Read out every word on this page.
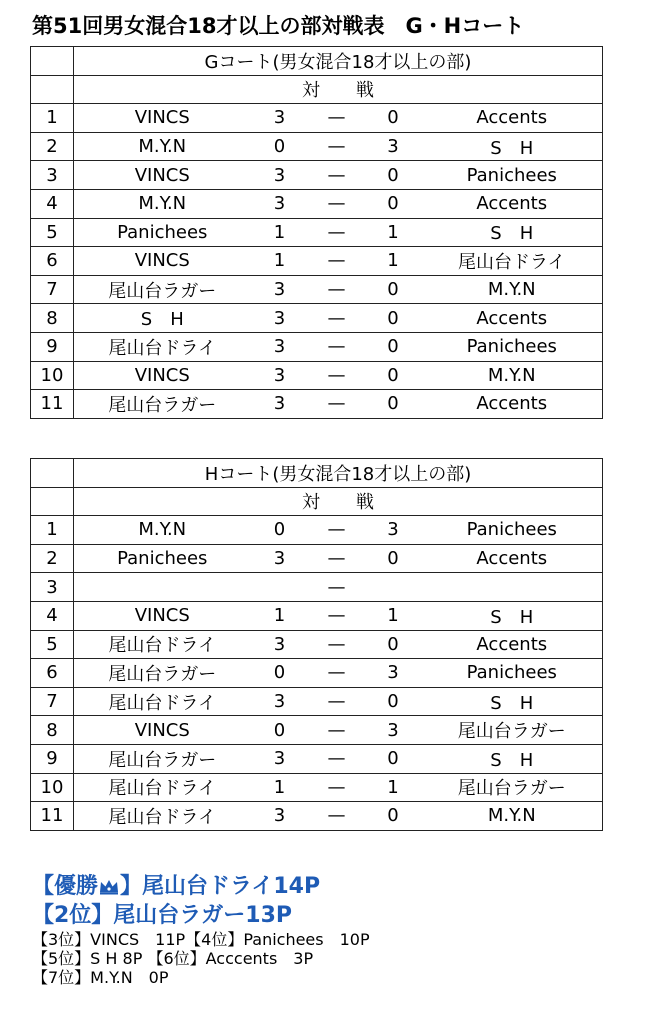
第51回男女混合18才以上の部対戦表　G・Hコート
	Gコート(男女混合18才以上の部)				
	対　　戦				
1	VINCS	3	—	0	Accents
2	M.Y.N	0	—	3	S　H
3	VINCS	3	—	0	Panichees
4	M.Y.N	3	—	0	Accents
5	Panichees	1	—	1	S　H
6	VINCS	1	—	1	尾山台ドライ
7	尾山台ラガー	3	—	0	M.Y.N
8	S　H	3	—	0	Accents
9	尾山台ドライ	3	—	0	Panichees
10	VINCS	3	—	0	M.Y.N
11	尾山台ラガー	3	—	0	Accents
	Hコート(男女混合18才以上の部)				
	対　　戦				
1	M.Y.N	0	—	3	Panichees
2	Panichees	3	—	0	Accents
3			—		
4	VINCS	1	—	1	S　H
5	尾山台ドライ	3	—	0	Accents
6	尾山台ラガー	0	—	3	Panichees
7	尾山台ドライ	3	—	0	S　H
8	VINCS	0	—	3	尾山台ラガー
9	尾山台ラガー	3	—	0	S　H
10	尾山台ドライ	1	—	1	尾山台ラガー
11	尾山台ドライ	3	—	0	M.Y.N
【優勝 】尾山台ドライ14P
【2位】尾山台ラガー13P
【3位】VINCS　11P【4位】Panichees　10P
【5位】S H 8P 【6位】Acccents　3P
【7位】M.Y.N　0P
